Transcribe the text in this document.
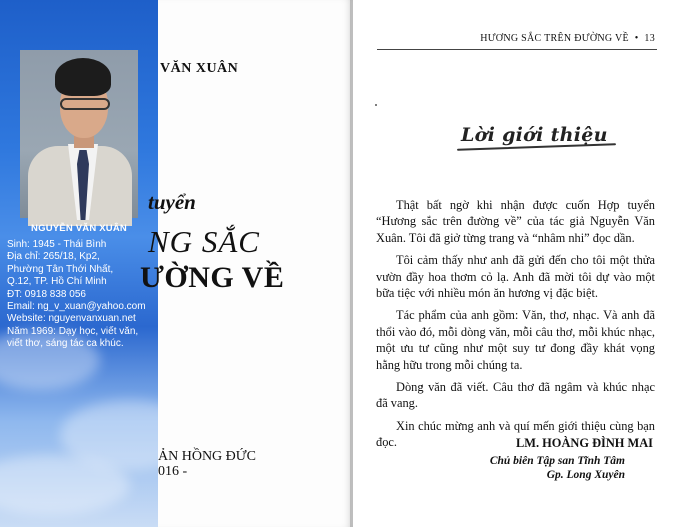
NGUYỄN VĂN XUÂN
Sinh: 1945 - Thái Bình
Địa chỉ: 265/18, Kp2,
Phường Tân Thới Nhất,
Q.12, TP. Hồ Chí Minh
ĐT: 0918 838 056
Email: ng_v_xuan@yahoo.com
Website: nguyenvanxuan.net
Năm 1969: Dạy học, viết văn,
viết thơ, sáng tác ca khúc.
VĂN XUÂN
tuyển
NG SẮC
ƯỜNG VỀ
ẢN HỒNG ĐỨC
016 -
HƯƠNG SẮC TRÊN ĐƯỜNG VỀ • 13
Lời giới thiệu

Thật bất ngờ khi nhận được cuốn Hợp tuyển “Hương sắc trên đường về” của tác giả Nguyễn Văn Xuân. Tôi đã giở từng trang và “nhâm nhi” đọc dần.

Tôi cảm thấy như anh đã gửi đến cho tôi một thửa vườn đầy hoa thơm cỏ lạ. Anh đã mời tôi dự vào một bữa tiệc với nhiều món ăn hương vị đặc biệt.

Tác phẩm của anh gồm: Văn, thơ, nhạc. Và anh đã thổi vào đó, mỗi dòng văn, mỗi câu thơ, mỗi khúc nhạc, một ưu tư cũng như một suy tư đong đầy khát vọng hằng hữu trong mỗi chúng ta.

Dòng văn đã viết. Câu thơ đã ngâm và khúc nhạc đã vang.

Xin chúc mừng anh và quí mến giới thiệu cùng bạn đọc.	LM. HOÀNG ĐÌNH MAI
Chủ biên Tập san Tĩnh Tâm
Gp. Long Xuyên
